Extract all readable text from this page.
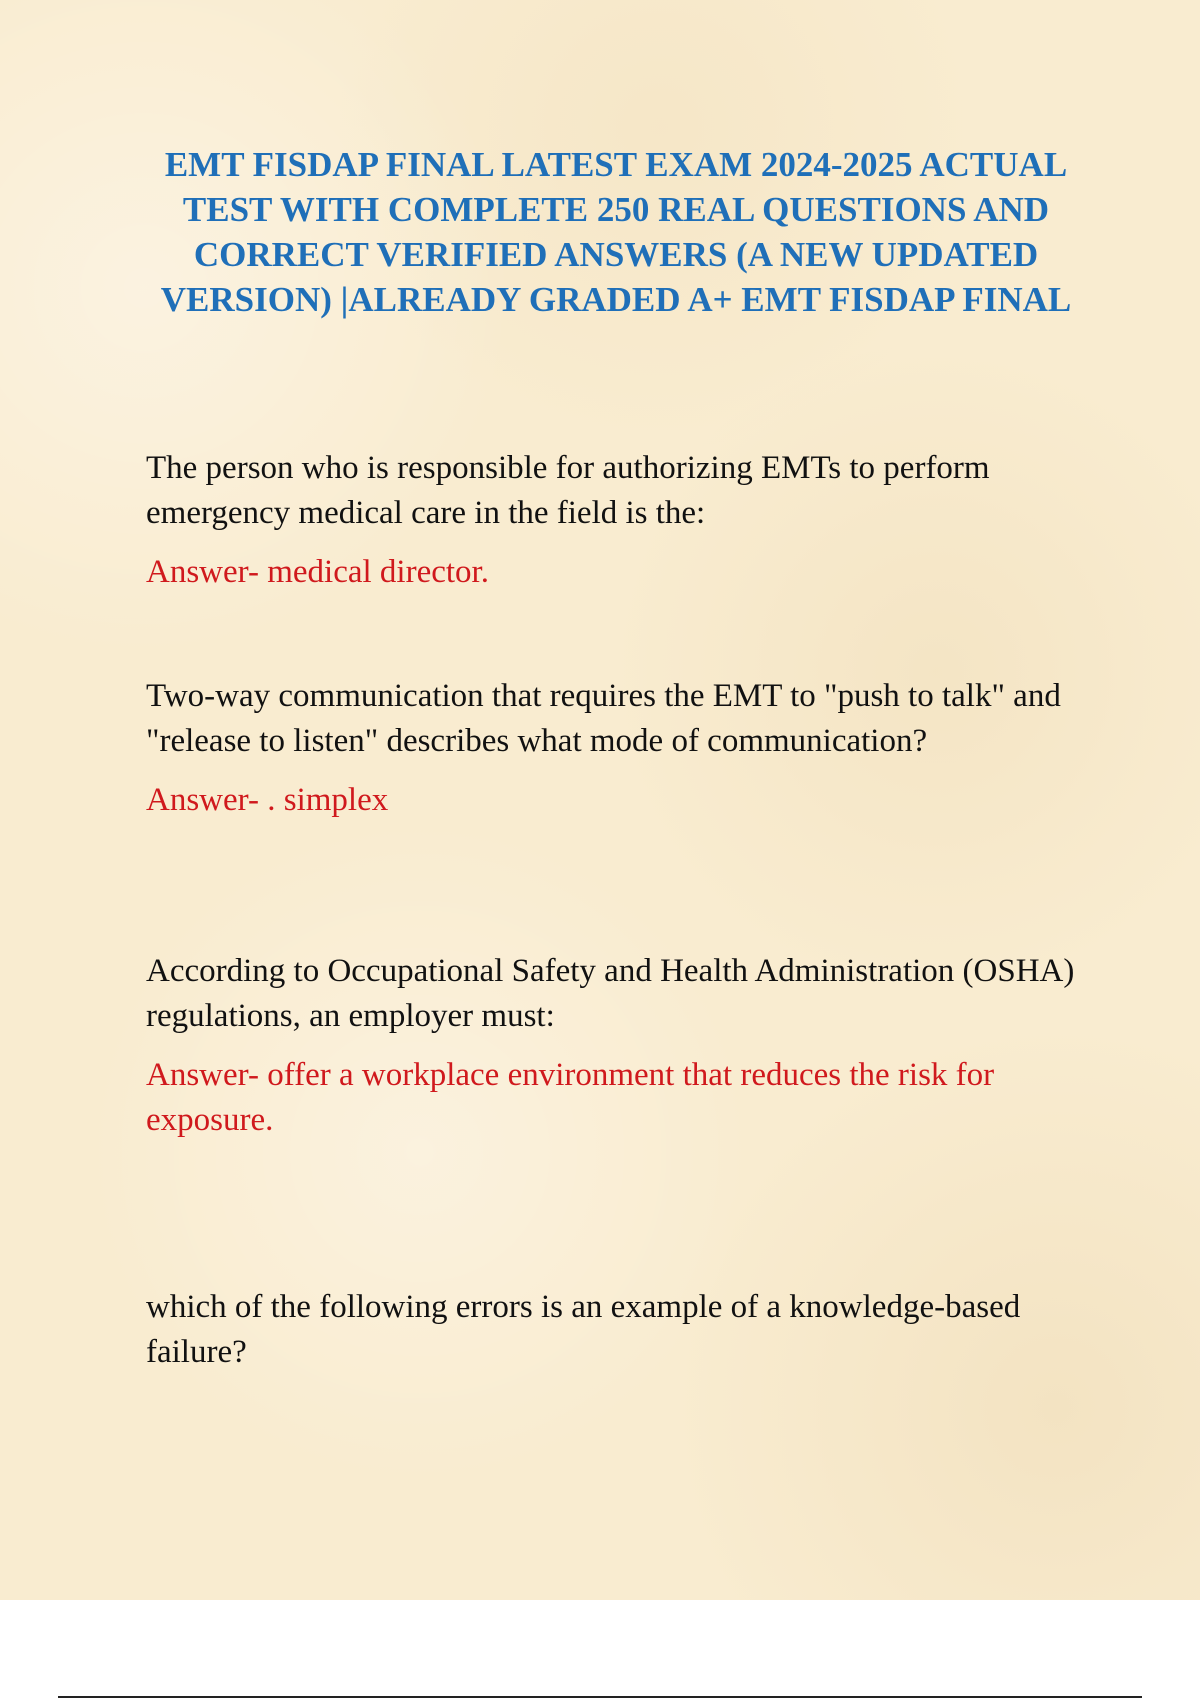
EMT FISDAP FINAL LATEST EXAM 2024-2025 ACTUAL TEST WITH COMPLETE 250 REAL QUESTIONS AND CORRECT VERIFIED ANSWERS (A NEW UPDATED VERSION) |ALREADY GRADED A+ EMT FISDAP FINAL

The person who is responsible for authorizing EMTs to perform emergency medical care in the field is the:

Answer- medical director.

Two-way communication that requires the EMT to "push to talk" and "release to listen" describes what mode of communication?

Answer- . simplex

According to Occupational Safety and Health Administration (OSHA) regulations, an employer must:

Answer- offer a workplace environment that reduces the risk for exposure.

which of the following errors is an example of a knowledge-based failure?
